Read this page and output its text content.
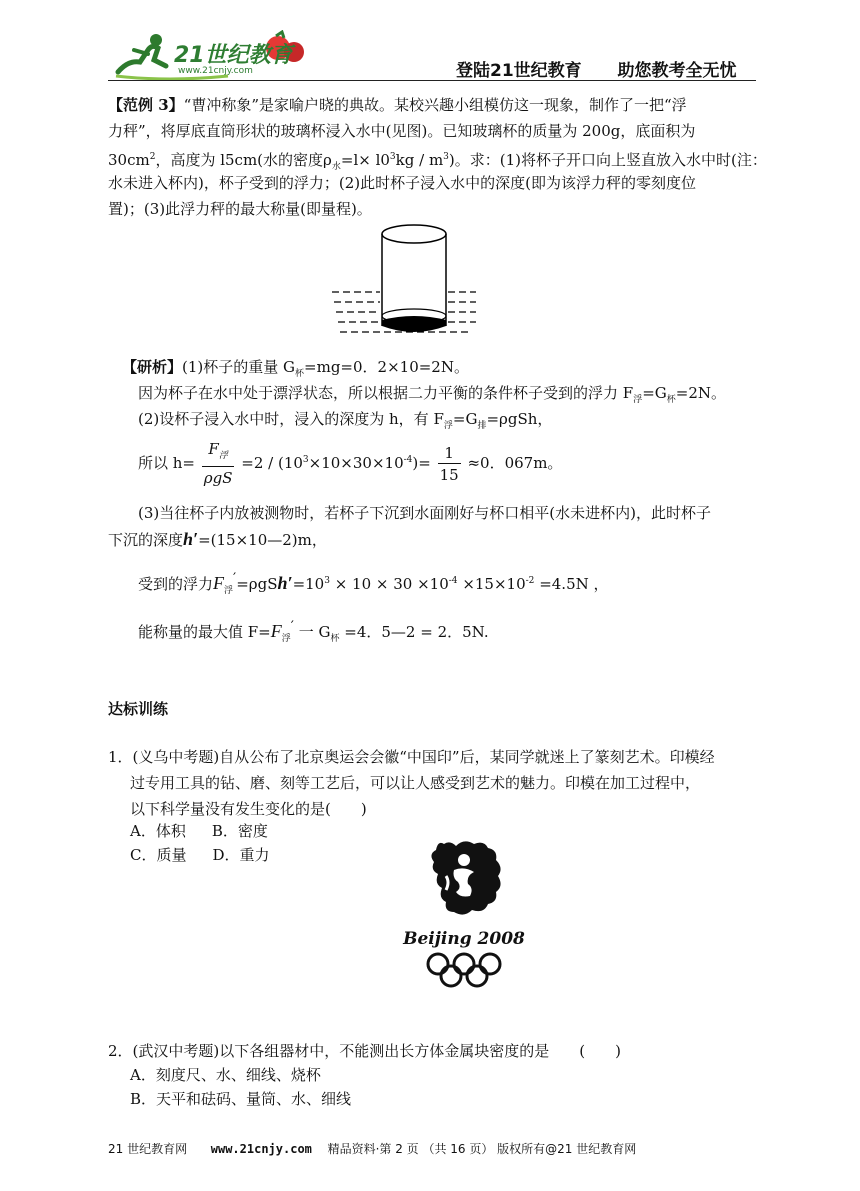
21世纪教育
www.21cnjy.com	登陆21世纪教育 助您教考全无忧
【范例 3】“曹冲称象”是家喻户晓的典故。某校兴趣小组模仿这一现象，制作了一把“浮
力秤”，将厚底直筒形状的玻璃杯浸入水中(见图)。已知玻璃杯的质量为 200g，底面积为
$30cm^2$，高度为 l5cm(水的密度$\rho_水=l\times l0^3kg / m^3$)。求：(1)将杯子开口向上竖直放入水中时(注：
水未进入杯内)，杯子受到的浮力；(2)此时杯子浸入水中的深度(即为该浮力秤的零刻度位
置)；(3)此浮力秤的最大称量(即量程)。
【研析】(1)杯子的重量 $G_杯=mg=0$．2×10=2N。
因为杯子在水中处于漂浮状态，所以根据二力平衡的条件杯子受到的浮力 $F_浮=G_杯=2N$。
(2)设杯子浸入水中时，浸入的深度为 h，有 $F_浮=G_排=\rho gSh$，
所以 $h= \frac{F_浮}{\text{ρgS}} =2 / (10^3\times 10\times 30\times 10^{-4})= \frac{1}{15} \approx 0$．067m。
(3)当往杯子内放被测物时，若杯子下沉到水面刚好与杯口相平(水未进杯内)，此时杯子
下沉的深度h′=(15×10—2)m，
受到的浮力$F_浮'=\rho gSh'=10^3 \times 10 \times 30 \times 10^{-4} \times 15\times 10^{-2} =4.5N$ ，
能称量的最大值 $F=F_浮'$ 一 $G_杯 =4$．5—2 = 2．5N.
达标训练
1．(义乌中考题)自从公布了北京奥运会会徽“中国印”后，某同学就迷上了篆刻艺术。印模经
过专用工具的钻、磨、刻等工艺后，可以让人感受到艺术的魅力。印模在加工过程中，
以下科学量没有发生变化的是(　　)
A．体积 B．密度
C．质量 D．重力
Beijing 2008
2．(武汉中考题)以下各组器材中，不能测出长方体金属块密度的是　　(　　)
A．刻度尺、水、细线、烧杯
B．天平和砝码、量筒、水、细线
21 世纪教育网 www.21cnjy.com 精品资料·第 2 页 （共 16 页） 版权所有@21 世纪教育网
